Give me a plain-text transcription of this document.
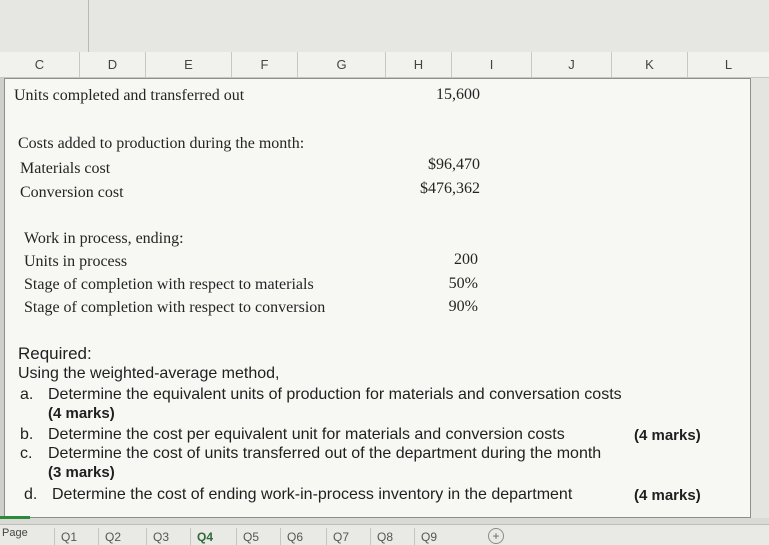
C	D	E	F	G	H	I	J	K	L
Units completed and transferred out	15,600
Costs added to production during the month:
Materials cost	$96,470
Conversion cost	$476,362
Work in process, ending:
Units in process	200
Stage of completion with respect to materials	50%
Stage of completion with respect to conversion	90%
Required:
Using the weighted-average method,
a. Determine the equivalent units of production for materials and conversation costs
(4 marks)
b. Determine the cost per equivalent unit for materials and conversion costs	(4 marks)
c. Determine the cost of units transferred out of the department during the month
(3 marks)
d. Determine the cost of ending work-in-process inventory in the department	(4 marks)
Q1	Q2	Q3	Q4	Q5	Q6	Q7	Q8	Q9	+
Page
